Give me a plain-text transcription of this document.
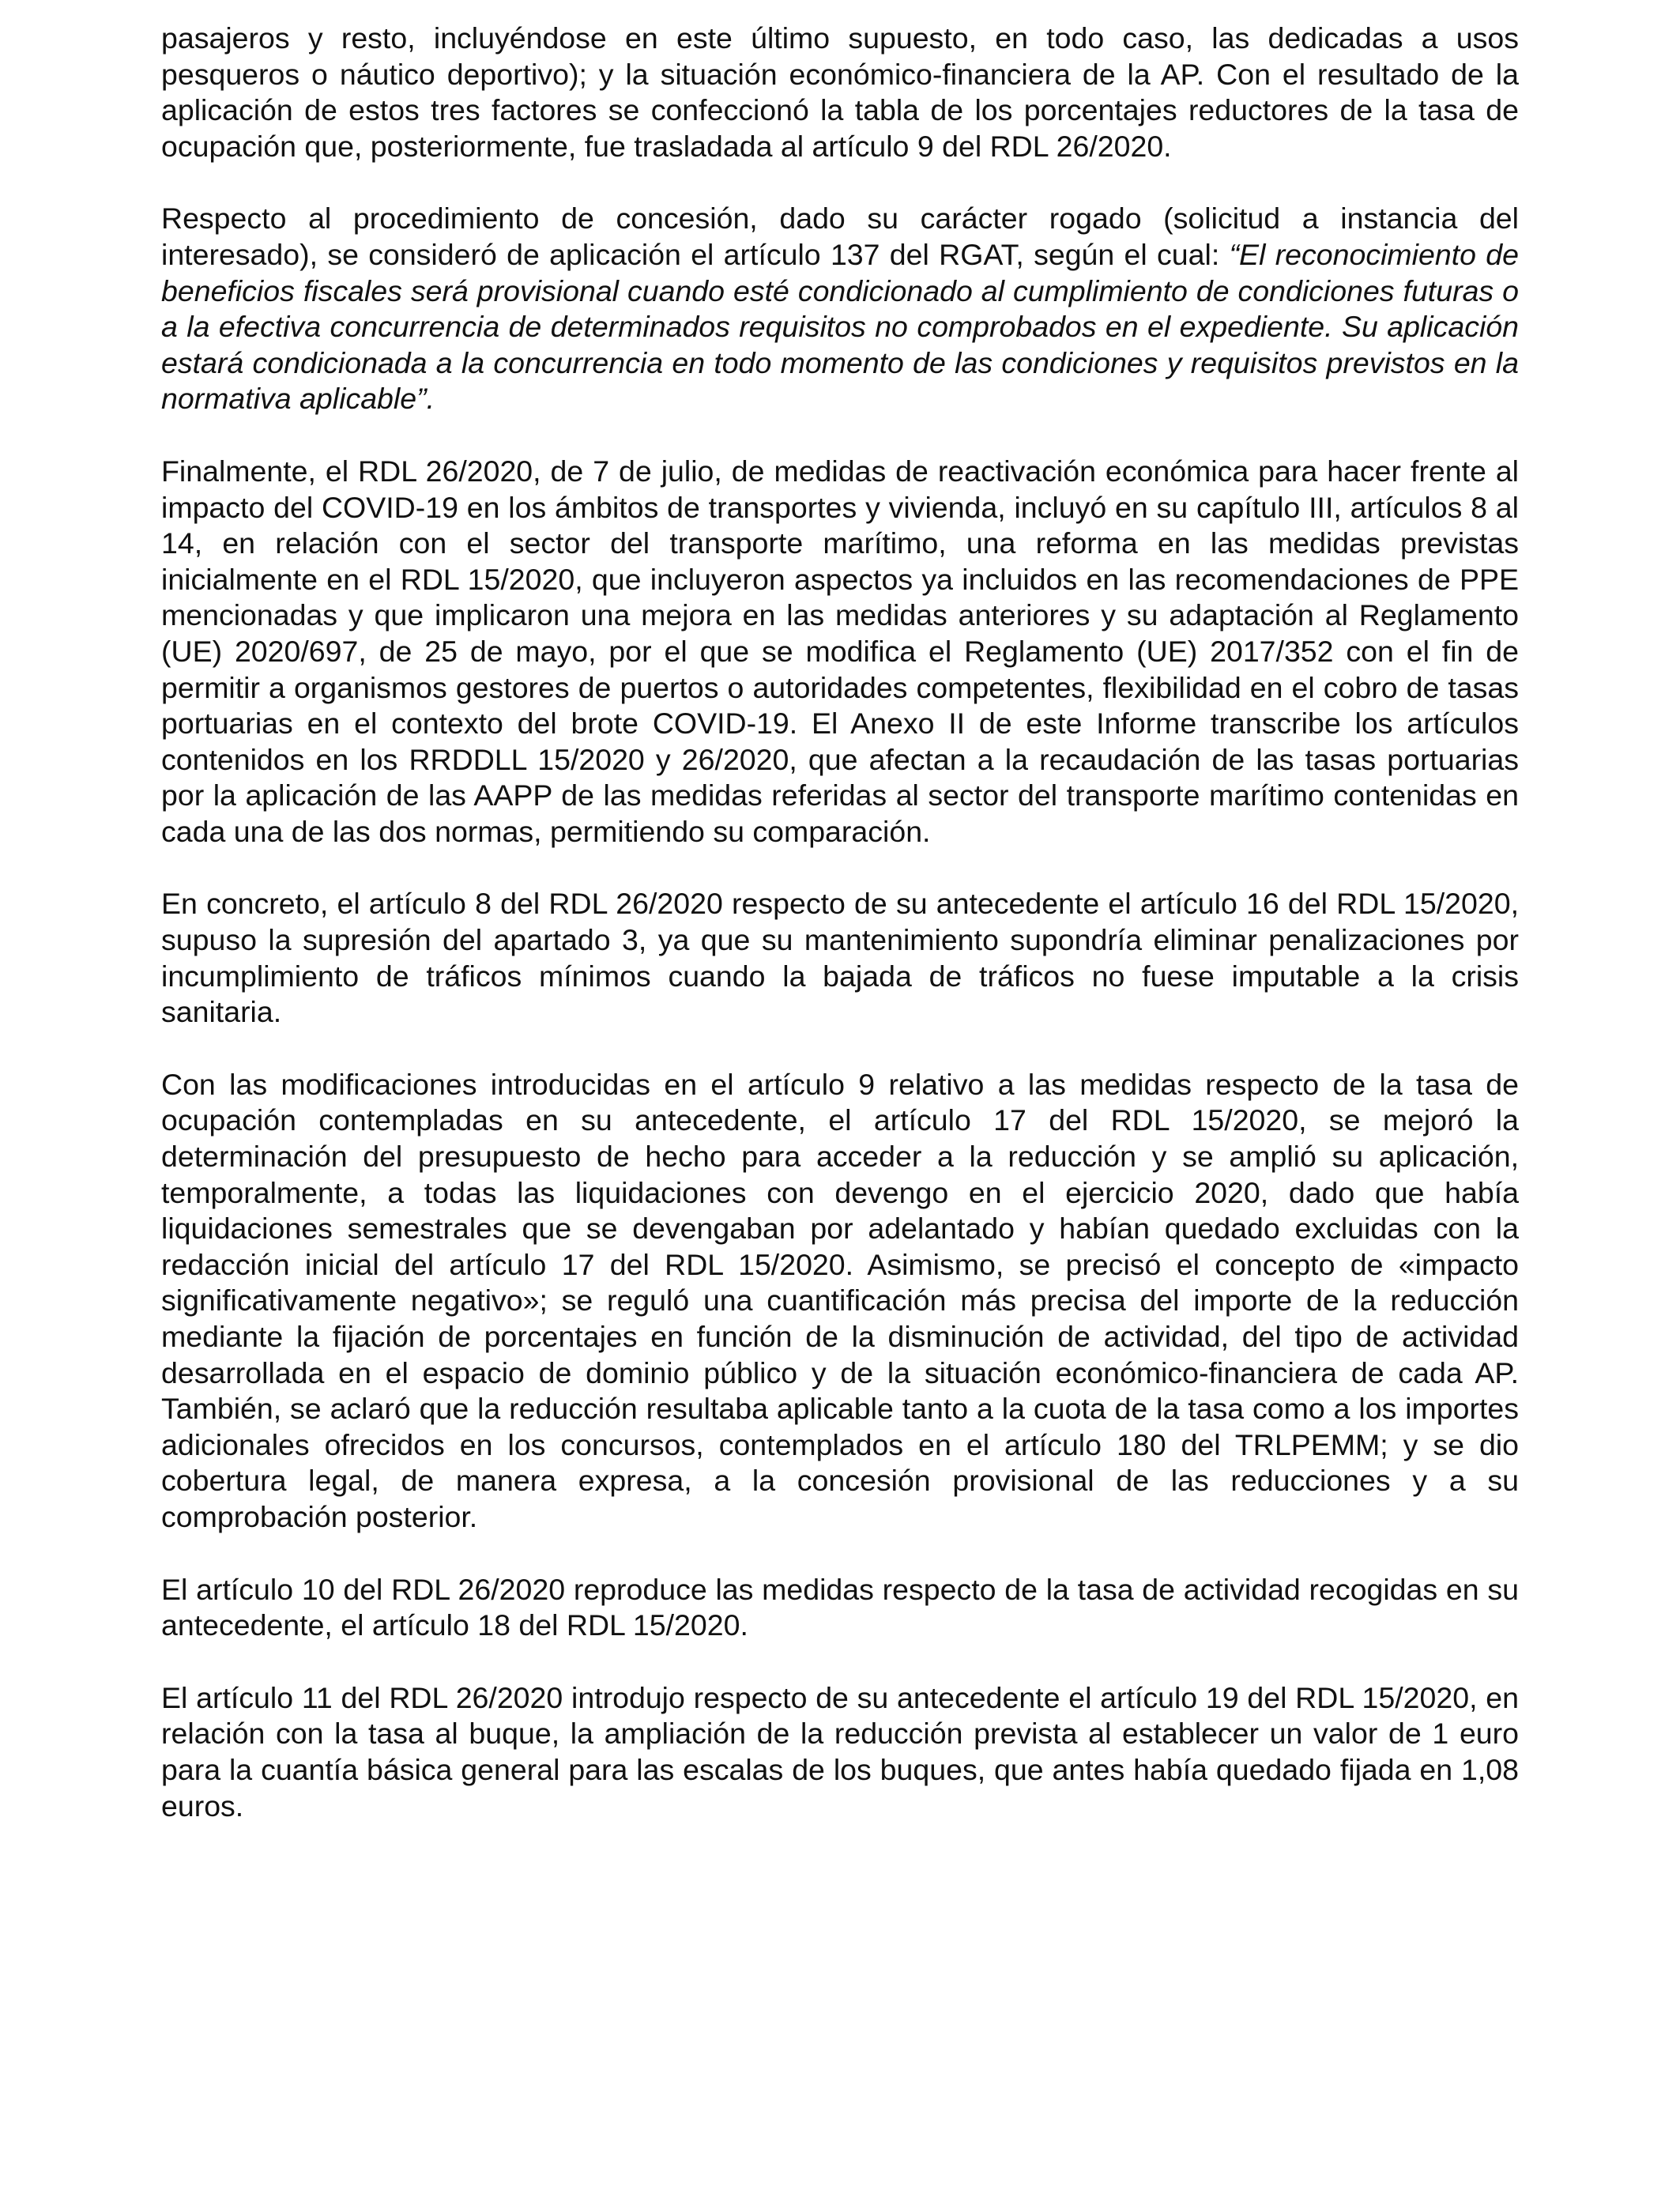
pasajeros y resto, incluyéndose en este último supuesto, en todo caso, las dedicadas a usos pesqueros o náutico deportivo); y la situación económico-financiera de la AP. Con el resultado de la aplicación de estos tres factores se confeccionó la tabla de los porcentajes reductores de la tasa de ocupación que, posteriormente, fue trasladada al artículo 9 del RDL 26/2020.

Respecto al procedimiento de concesión, dado su carácter rogado (solicitud a instancia del interesado), se consideró de aplicación el artículo 137 del RGAT, según el cual: “El reconocimiento de beneficios fiscales será provisional cuando esté condicionado al cumplimiento de condiciones futuras o a la efectiva concurrencia de determinados requisitos no comprobados en el expediente. Su aplicación estará condicionada a la concurrencia en todo momento de las condiciones y requisitos previstos en la normativa aplicable”.

Finalmente, el RDL 26/2020, de 7 de julio, de medidas de reactivación económica para hacer frente al impacto del COVID-19 en los ámbitos de transportes y vivienda, incluyó en su capítulo III, artículos 8 al 14, en relación con el sector del transporte marítimo, una reforma en las medidas previstas inicialmente en el RDL 15/2020, que incluyeron aspectos ya incluidos en las recomendaciones de PPE mencionadas y que implicaron una mejora en las medidas anteriores y su adaptación al Reglamento (UE) 2020/697, de 25 de mayo, por el que se modifica el Reglamento (UE) 2017/352 con el fin de permitir a organismos gestores de puertos o autoridades competentes, flexibilidad en el cobro de tasas portuarias en el contexto del brote COVID-19. El Anexo II de este Informe transcribe los artículos contenidos en los RRDDLL 15/2020 y 26/2020, que afectan a la recaudación de las tasas portuarias por la aplicación de las AAPP de las medidas referidas al sector del transporte marítimo contenidas en cada una de las dos normas, permitiendo su comparación.

En concreto, el artículo 8 del RDL 26/2020 respecto de su antecedente el artículo 16 del RDL 15/2020, supuso la supresión del apartado 3, ya que su mantenimiento supondría eliminar penalizaciones por incumplimiento de tráficos mínimos cuando la bajada de tráficos no fuese imputable a la crisis sanitaria.

Con las modificaciones introducidas en el artículo 9 relativo a las medidas respecto de la tasa de ocupación contempladas en su antecedente, el artículo 17 del RDL 15/2020, se mejoró la determinación del presupuesto de hecho para acceder a la reducción y se amplió su aplicación, temporalmente, a todas las liquidaciones con devengo en el ejercicio 2020, dado que había liquidaciones semestrales que se devengaban por adelantado y habían quedado excluidas con la redacción inicial del artículo 17 del RDL 15/2020. Asimismo, se precisó el concepto de «impacto significativamente negativo»; se reguló una cuantificación más precisa del importe de la reducción mediante la fijación de porcentajes en función de la disminución de actividad, del tipo de actividad desarrollada en el espacio de dominio público y de la situación económico-financiera de cada AP. También, se aclaró que la reducción resultaba aplicable tanto a la cuota de la tasa como a los importes adicionales ofrecidos en los concursos, contemplados en el artículo 180 del TRLPEMM; y se dio cobertura legal, de manera expresa, a la concesión provisional de las reducciones y a su comprobación posterior.

El artículo 10 del RDL 26/2020 reproduce las medidas respecto de la tasa de actividad recogidas en su antecedente, el artículo 18 del RDL 15/2020.

El artículo 11 del RDL 26/2020 introdujo respecto de su antecedente el artículo 19 del RDL 15/2020, en relación con la tasa al buque, la ampliación de la reducción prevista al establecer un valor de 1 euro para la cuantía básica general para las escalas de los buques, que antes había quedado fijada en 1,08 euros.
